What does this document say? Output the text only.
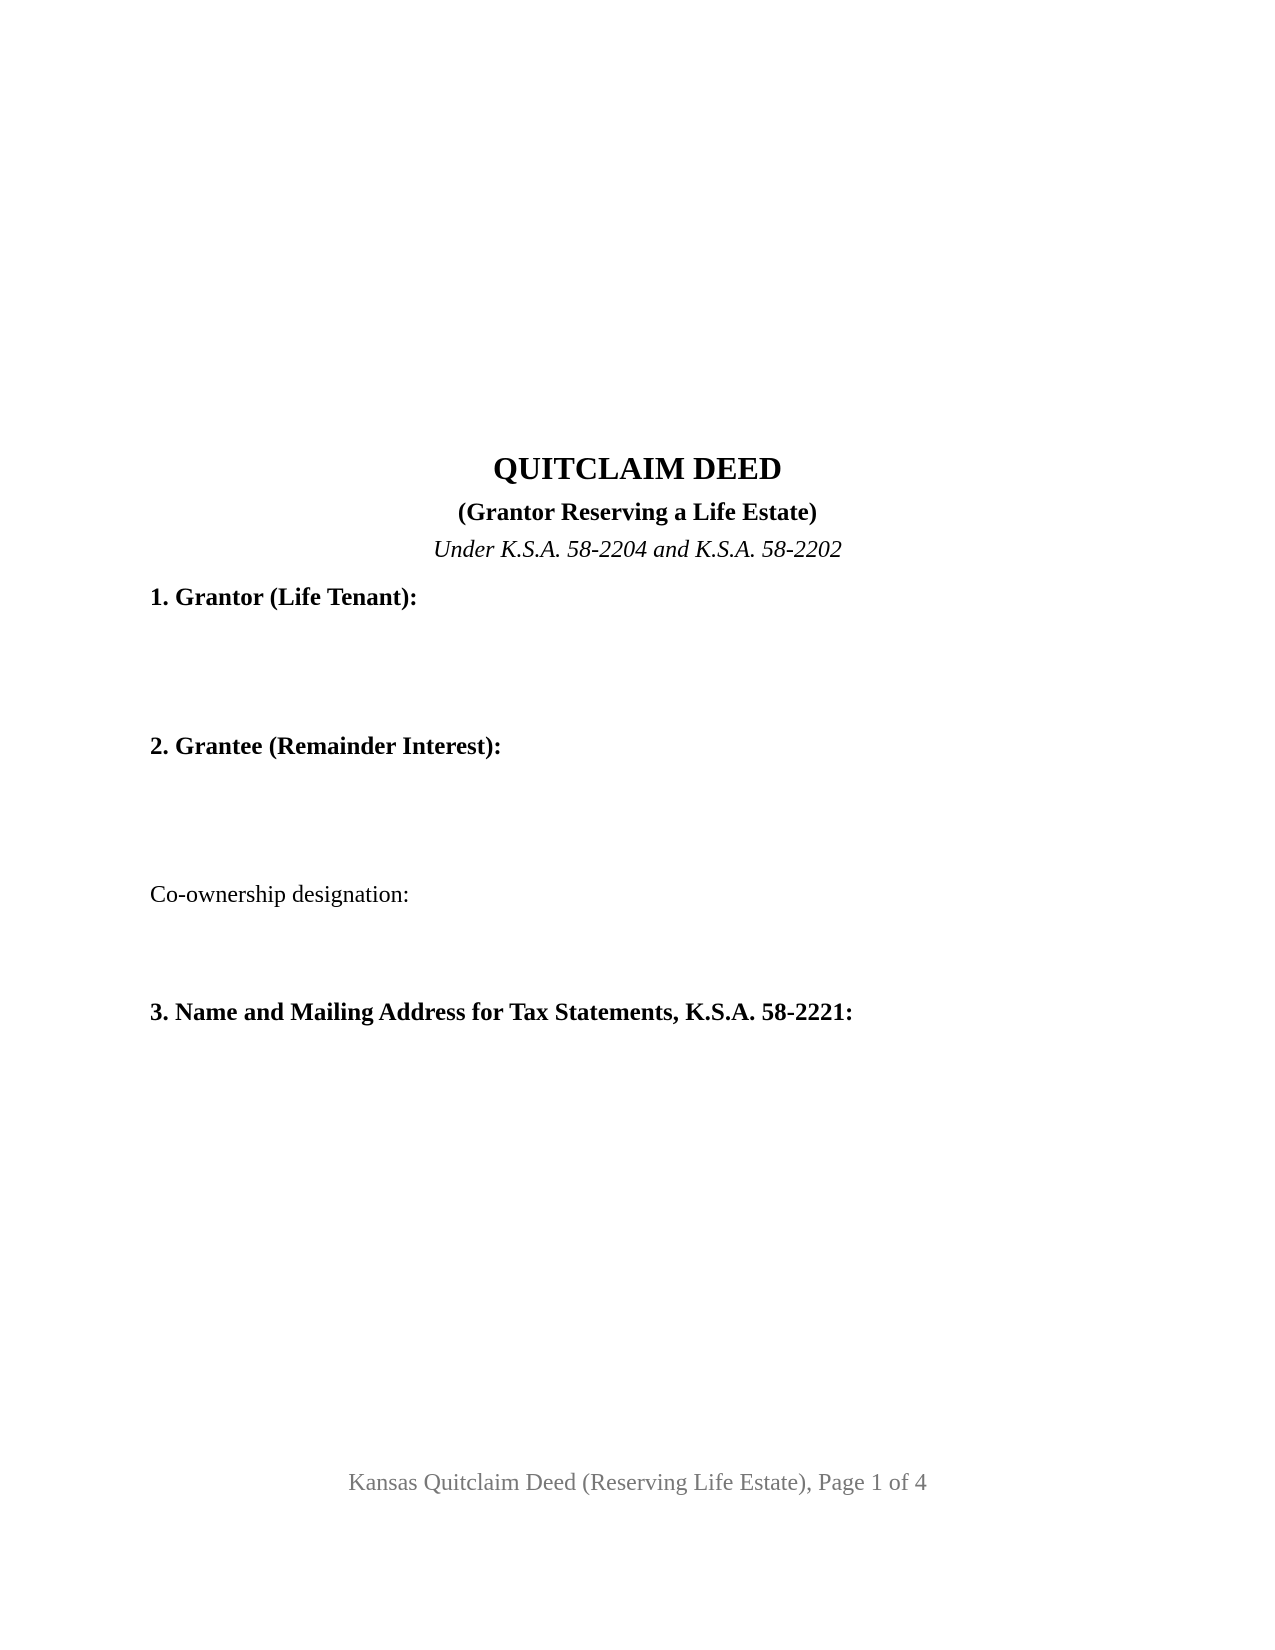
QUITCLAIM DEED
(Grantor Reserving a Life Estate)
Under K.S.A. 58-2204 and K.S.A. 58-2202
1. Grantor (Life Tenant):
2. Grantee (Remainder Interest):
Co-ownership designation:
3. Name and Mailing Address for Tax Statements, K.S.A. 58-2221:
Kansas Quitclaim Deed (Reserving Life Estate), Page 1 of 4
